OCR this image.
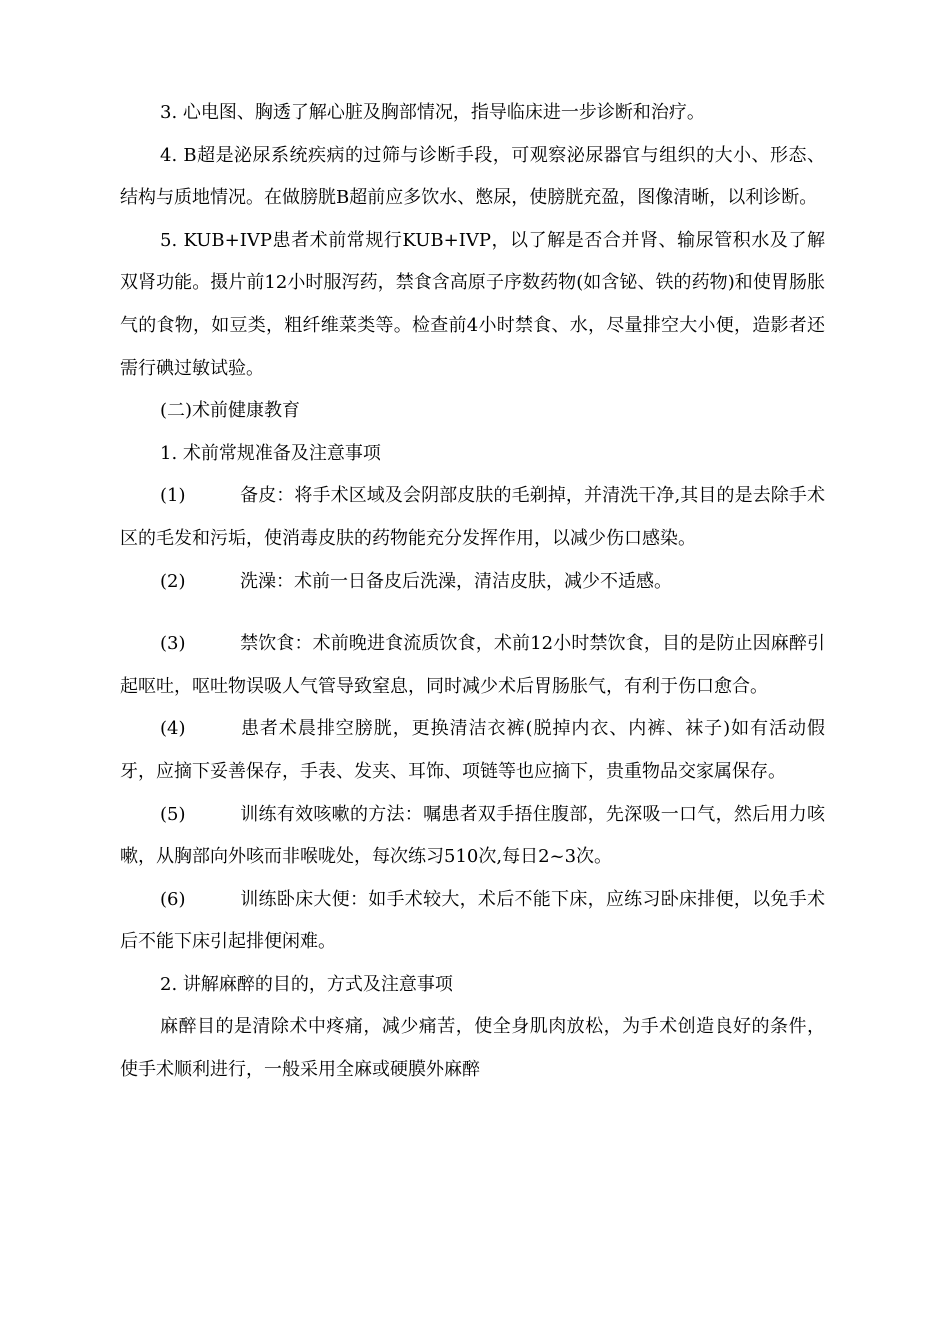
3. 心电图、胸透了解心脏及胸部情况，指导临床进一步诊断和治疗。

4. B超是泌尿系统疾病的过筛与诊断手段，可观察泌尿器官与组织的大小、形态、结构与质地情况。在做膀胱B超前应多饮水、憋尿，使膀胱充盈，图像清晰，以利诊断。

5. KUB+IVP患者术前常规行KUB+IVP，以了解是否合并肾、输尿管积水及了解双肾功能。摄片前12小时服泻药，禁食含高原子序数药物(如含铋、铁的药物)和使胃肠胀气的食物，如豆类，粗纤维菜类等。检查前4小时禁食、水，尽量排空大小便，造影者还需行碘过敏试验。

(二)术前健康教育

1. 术前常规准备及注意事项

(1)	备皮：将手术区域及会阴部皮肤的毛剃掉，并清洗干净,其目的是去除手术区的毛发和污垢，使消毒皮肤的药物能充分发挥作用，以减少伤口感染。
(2)	洗澡：术前一日备皮后洗澡，清洁皮肤，减少不适感。
(3)	禁饮食：术前晚进食流质饮食，术前12小时禁饮食，目的是防止因麻醉引起呕吐，呕吐物误吸人气管导致窒息，同时减少术后胃肠胀气，有利于伤口愈合。
(4)	患者术晨排空膀胱，更换清洁衣裤(脱掉内衣、内裤、袜子)如有活动假牙，应摘下妥善保存，手表、发夹、耳饰、项链等也应摘下，贵重物品交家属保存。
(5)	训练有效咳嗽的方法：嘱患者双手捂住腹部，先深吸一口气，然后用力咳嗽，从胸部向外咳而非喉咙处，每次练习510次,每日2~3次。
(6)	训练卧床大便：如手术较大，术后不能下床，应练习卧床排便，以免手术后不能下床引起排便闲难。

2. 讲解麻醉的目的，方式及注意事项

麻醉目的是清除术中疼痛，减少痛苦，使全身肌肉放松，为手术创造良好的条件，使手术顺利进行，一般采用全麻或硬膜外麻醉
